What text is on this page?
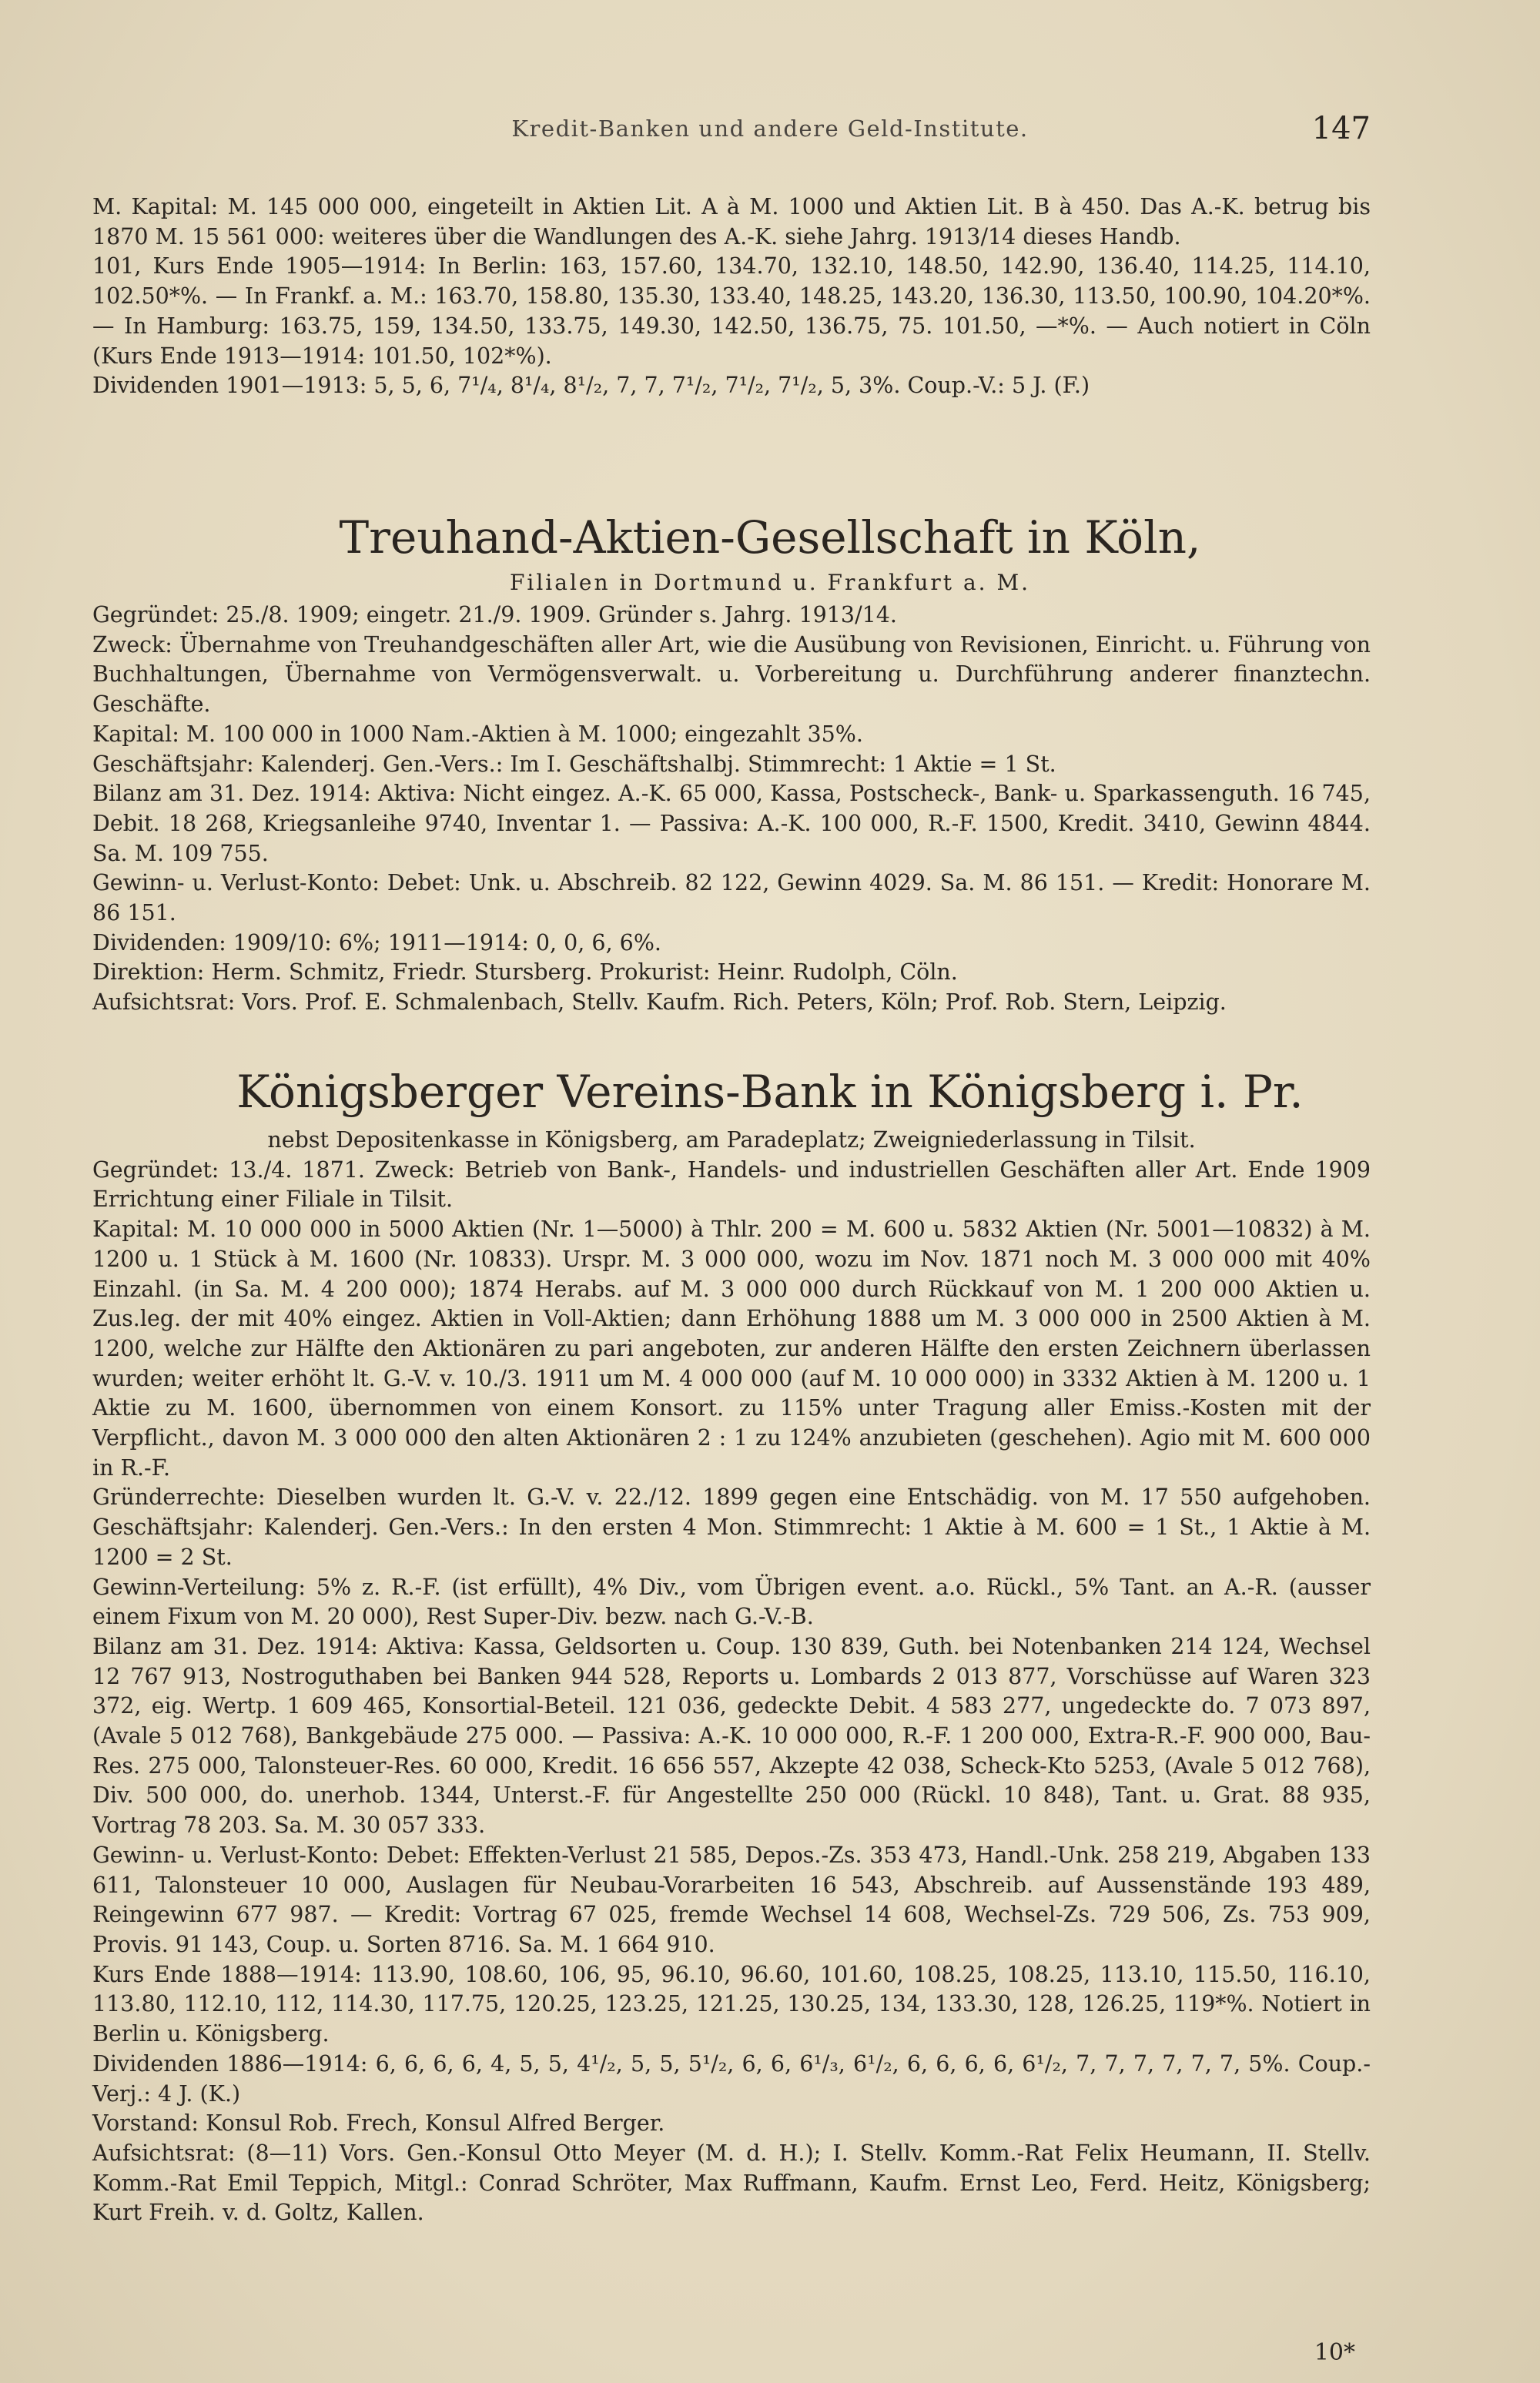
Kredit-Banken und andere Geld-Institute.	147

M. Kapital: M. 145 000 000, eingeteilt in Aktien Lit. A à M. 1000 und Aktien Lit. B à 450. Das A.-K. betrug bis 1870 M. 15 561 000: weiteres über die Wandlungen des A.-K. siehe Jahrg. 1913/14 dieses Handb.

101, Kurs Ende 1905—1914: In Berlin: 163, 157.60, 134.70, 132.10, 148.50, 142.90, 136.40, 114.25, 114.10, 102.50*%. — In Frankf. a. M.: 163.70, 158.80, 135.30, 133.40, 148.25, 143.20, 136.30, 113.50, 100.90, 104.20*%. — In Hamburg: 163.75, 159, 134.50, 133.75, 149.30, 142.50, 136.75, 75. 101.50, —*%. — Auch notiert in Cöln (Kurs Ende 1913—1914: 101.50, 102*%).

Dividenden 1901—1913: 5, 5, 6, 7¹/₄, 8¹/₄, 8¹/₂, 7, 7, 7¹/₂, 7¹/₂, 7¹/₂, 5, 3%. Coup.-V.: 5 J. (F.)

Treuhand-Aktien-Gesellschaft in Köln,
Filialen in Dortmund u. Frankfurt a. M.

Gegründet: 25./8. 1909; eingetr. 21./9. 1909. Gründer s. Jahrg. 1913/14.

Zweck: Übernahme von Treuhandgeschäften aller Art, wie die Ausübung von Revisionen, Einricht. u. Führung von Buchhaltungen, Übernahme von Vermögensverwalt. u. Vorbereitung u. Durchführung anderer finanztechn. Geschäfte.

Kapital: M. 100 000 in 1000 Nam.-Aktien à M. 1000; eingezahlt 35%.

Geschäftsjahr: Kalenderj. Gen.-Vers.: Im I. Geschäftshalbj. Stimmrecht: 1 Aktie = 1 St.

Bilanz am 31. Dez. 1914: Aktiva: Nicht eingez. A.-K. 65 000, Kassa, Postscheck-, Bank- u. Sparkassenguth. 16 745, Debit. 18 268, Kriegsanleihe 9740, Inventar 1. — Passiva: A.-K. 100 000, R.-F. 1500, Kredit. 3410, Gewinn 4844. Sa. M. 109 755.

Gewinn- u. Verlust-Konto: Debet: Unk. u. Abschreib. 82 122, Gewinn 4029. Sa. M. 86 151. — Kredit: Honorare M. 86 151.

Dividenden: 1909/10: 6%; 1911—1914: 0, 0, 6, 6%.

Direktion: Herm. Schmitz, Friedr. Stursberg. Prokurist: Heinr. Rudolph, Cöln.

Aufsichtsrat: Vors. Prof. E. Schmalenbach, Stellv. Kaufm. Rich. Peters, Köln; Prof. Rob. Stern, Leipzig.

Königsberger Vereins-Bank in Königsberg i. Pr.

nebst Depositenkasse in Königsberg, am Paradeplatz; Zweigniederlassung in Tilsit.

Gegründet: 13./4. 1871. Zweck: Betrieb von Bank-, Handels- und industriellen Geschäften aller Art. Ende 1909 Errichtung einer Filiale in Tilsit.

Kapital: M. 10 000 000 in 5000 Aktien (Nr. 1—5000) à Thlr. 200 = M. 600 u. 5832 Aktien (Nr. 5001—10832) à M. 1200 u. 1 Stück à M. 1600 (Nr. 10833). Urspr. M. 3 000 000, wozu im Nov. 1871 noch M. 3 000 000 mit 40% Einzahl. (in Sa. M. 4 200 000); 1874 Herabs. auf M. 3 000 000 durch Rückkauf von M. 1 200 000 Aktien u. Zus.leg. der mit 40% eingez. Aktien in Voll-Aktien; dann Erhöhung 1888 um M. 3 000 000 in 2500 Aktien à M. 1200, welche zur Hälfte den Aktionären zu pari angeboten, zur anderen Hälfte den ersten Zeichnern überlassen wurden; weiter erhöht lt. G.-V. v. 10./3. 1911 um M. 4 000 000 (auf M. 10 000 000) in 3332 Aktien à M. 1200 u. 1 Aktie zu M. 1600, übernommen von einem Konsort. zu 115% unter Tragung aller Emiss.-Kosten mit der Verpflicht., davon M. 3 000 000 den alten Aktionären 2 : 1 zu 124% anzubieten (geschehen). Agio mit M. 600 000 in R.-F.

Gründerrechte: Dieselben wurden lt. G.-V. v. 22./12. 1899 gegen eine Entschädig. von M. 17 550 aufgehoben. Geschäftsjahr: Kalenderj. Gen.-Vers.: In den ersten 4 Mon. Stimmrecht: 1 Aktie à M. 600 = 1 St., 1 Aktie à M. 1200 = 2 St.

Gewinn-Verteilung: 5% z. R.-F. (ist erfüllt), 4% Div., vom Übrigen event. a.o. Rückl., 5% Tant. an A.-R. (ausser einem Fixum von M. 20 000), Rest Super-Div. bezw. nach G.-V.-B.

Bilanz am 31. Dez. 1914: Aktiva: Kassa, Geldsorten u. Coup. 130 839, Guth. bei Notenbanken 214 124, Wechsel 12 767 913, Nostroguthaben bei Banken 944 528, Reports u. Lombards 2 013 877, Vorschüsse auf Waren 323 372, eig. Wertp. 1 609 465, Konsortial-Beteil. 121 036, gedeckte Debit. 4 583 277, ungedeckte do. 7 073 897, (Avale 5 012 768), Bankgebäude 275 000. — Passiva: A.-K. 10 000 000, R.-F. 1 200 000, Extra-R.-F. 900 000, Bau-Res. 275 000, Talonsteuer-Res. 60 000, Kredit. 16 656 557, Akzepte 42 038, Scheck-Kto 5253, (Avale 5 012 768), Div. 500 000, do. unerhob. 1344, Unterst.-F. für Angestellte 250 000 (Rückl. 10 848), Tant. u. Grat. 88 935, Vortrag 78 203. Sa. M. 30 057 333.

Gewinn- u. Verlust-Konto: Debet: Effekten-Verlust 21 585, Depos.-Zs. 353 473, Handl.-Unk. 258 219, Abgaben 133 611, Talonsteuer 10 000, Auslagen für Neubau-Vorarbeiten 16 543, Abschreib. auf Aussenstände 193 489, Reingewinn 677 987. — Kredit: Vortrag 67 025, fremde Wechsel 14 608, Wechsel-Zs. 729 506, Zs. 753 909, Provis. 91 143, Coup. u. Sorten 8716. Sa. M. 1 664 910.

Kurs Ende 1888—1914: 113.90, 108.60, 106, 95, 96.10, 96.60, 101.60, 108.25, 108.25, 113.10, 115.50, 116.10, 113.80, 112.10, 112, 114.30, 117.75, 120.25, 123.25, 121.25, 130.25, 134, 133.30, 128, 126.25, 119*%. Notiert in Berlin u. Königsberg.

Dividenden 1886—1914: 6, 6, 6, 6, 4, 5, 5, 4¹/₂, 5, 5, 5¹/₂, 6, 6, 6¹/₃, 6¹/₂, 6, 6, 6, 6, 6¹/₂, 7, 7, 7, 7, 7, 7, 5%. Coup.-Verj.: 4 J. (K.)

Vorstand: Konsul Rob. Frech, Konsul Alfred Berger.

Aufsichtsrat: (8—11) Vors. Gen.-Konsul Otto Meyer (M. d. H.); I. Stellv. Komm.-Rat Felix Heumann, II. Stellv. Komm.-Rat Emil Teppich, Mitgl.: Conrad Schröter, Max Ruffmann, Kaufm. Ernst Leo, Ferd. Heitz, Königsberg; Kurt Freih. v. d. Goltz, Kallen.

10*
